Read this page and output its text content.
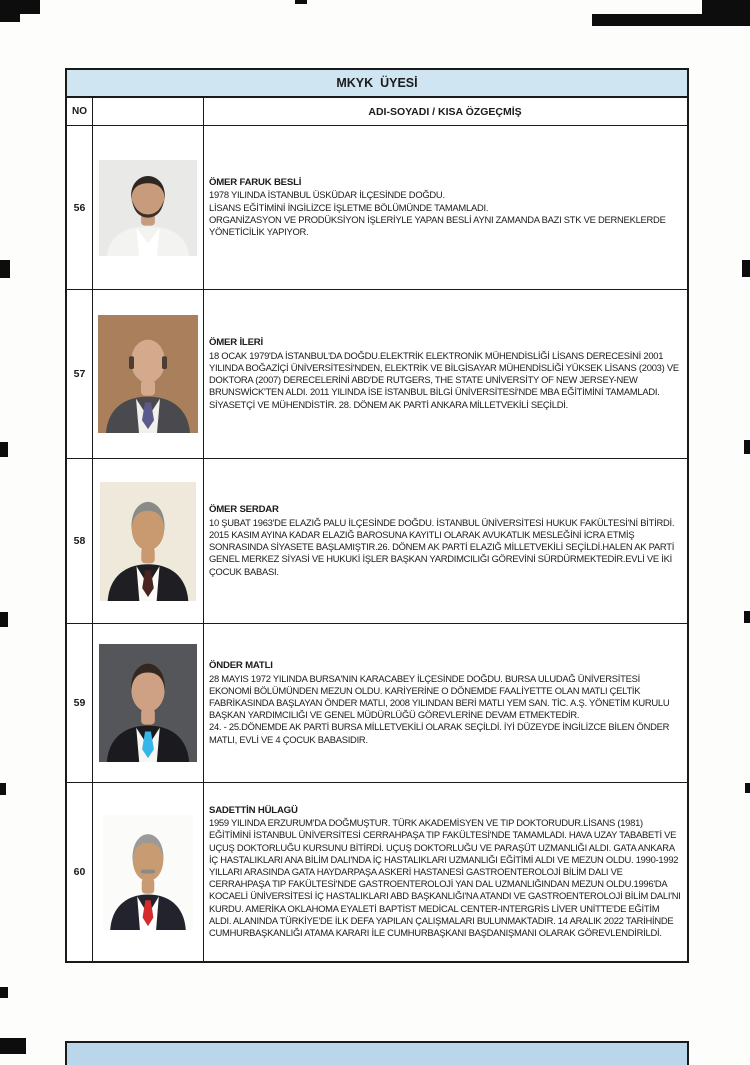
MKYK  ÜYESİ
NO	ADI-SOYADI / KISA ÖZGEÇMİŞ
56
ÖMER FARUK BESLİ
1978 YILINDA İSTANBUL ÜSKÜDAR İLÇESİNDE DOĞDU.
LİSANS EĞİTİMİNİ İNGİLİZCE İŞLETME BÖLÜMÜNDE TAMAMLADI.
ORGANİZASYON VE PRODÜKSİYON İŞLERİYLE YAPAN BESLİ AYNI ZAMANDA BAZI STK VE DERNEKLERDE YÖNETİCİLİK YAPIYOR.
57
ÖMER İLERİ
18 OCAK 1979'DA İSTANBUL'DA DOĞDU.ELEKTRİK ELEKTRONİK MÜHENDİSLİĞİ LİSANS DERECESİNİ 2001 YILINDA BOĞAZİÇİ ÜNİVERSİTESİ'NDEN, ELEKTRİK VE BİLGİSAYAR MÜHENDİSLİĞİ YÜKSEK LİSANS (2003) VE DOKTORA (2007) DERECELERİNİ ABD'DE RUTGERS, THE STATE UNİVERSİTY OF NEW JERSEY-NEW BRUNSWİCK'TEN ALDI. 2011 YILINDA İSE İSTANBUL BİLGİ ÜNİVERSİTESİ'NDE MBA EĞİTİMİNİ TAMAMLADI. SİYASETÇİ VE MÜHENDİSTİR. 28. DÖNEM AK PARTİ ANKARA MİLLETVEKİLİ SEÇİLDİ.
58
ÖMER SERDAR
10 ŞUBAT 1963'DE ELAZIĞ PALU İLÇESİNDE DOĞDU. İSTANBUL ÜNİVERSİTESİ HUKUK FAKÜLTESİ'Nİ BİTİRDİ. 2015 KASIM AYINA KADAR ELAZIĞ BAROSUNA KAYITLI OLARAK AVUKATLIK MESLEĞİNİ İCRA ETMİŞ SONRASINDA SİYASETE BAŞLAMIŞTIR.26. DÖNEM AK PARTİ ELAZIĞ MİLLETVEKİLİ SEÇİLDİ.HALEN AK PARTİ GENEL MERKEZ SİYASİ VE HUKUKİ İŞLER BAŞKAN YARDIMCILIĞI GÖREVİNİ SÜRDÜRMEKTEDİR.EVLİ VE İKİ ÇOCUK BABASI.
59
ÖNDER MATLI
28 MAYIS 1972 YILINDA BURSA'NIN KARACABEY İLÇESİNDE DOĞDU. BURSA ULUDAĞ ÜNİVERSİTESİ EKONOMİ BÖLÜMÜNDEN MEZUN OLDU. KARİYERİNE O DÖNEMDE FAALİYETTE OLAN MATLI ÇELTİK FABRİKASINDA BAŞLAYAN ÖNDER MATLI, 2008 YILINDAN BERİ MATLI YEM SAN. TİC. A.Ş. YÖNETİM KURULU BAŞKAN YARDIMCILIĞI VE GENEL MÜDÜRLÜĞÜ GÖREVLERİNE DEVAM ETMEKTEDİR.
24. - 25.DÖNEMDE AK PARTİ BURSA MİLLETVEKİLİ OLARAK SEÇİLDİ. İYİ DÜZEYDE İNGİLİZCE BİLEN ÖNDER MATLI, EVLİ VE 4 ÇOCUK BABASIDIR.
60
SADETTİN HÜLAGÜ
1959 YILINDA ERZURUM'DA DOĞMUŞTUR. TÜRK AKADEMİSYEN VE TIP DOKTORUDUR.LİSANS (1981) EĞİTİMİNİ İSTANBUL ÜNİVERSİTESİ CERRAHPAŞA TIP FAKÜLTESİ'NDE TAMAMLADI. HAVA UZAY TABABETİ VE UÇUŞ DOKTORLUĞU KURSUNU BİTİRDİ. UÇUŞ DOKTORLUĞU VE PARAŞÜT UZMANLIĞI ALDI. GATA ANKARA İÇ HASTALIKLARI ANA BİLİM DALI'NDA İÇ HASTALIKLARI UZMANLIĞI EĞİTİMİ ALDI VE MEZUN OLDU. 1990-1992 YILLARI ARASINDA GATA HAYDARPAŞA ASKERİ HASTANESİ GASTROENTEROLOJİ BİLİM DALI VE CERRAHPAŞA TIP FAKÜLTESİ'NDE GASTROENTEROLOJİ YAN DAL UZMANLIĞINDAN MEZUN OLDU.1996'DA KOCAELİ ÜNİVERSİTESİ İÇ HASTALIKLARI ABD BAŞKANLIĞI'NA ATANDI VE GASTROENTEROLOJİ BİLİM DALI'NI KURDU. AMERİKA OKLAHOMA EYALETİ BAPTİST MEDİCAL CENTER-INTERGRİS LİVER UNİTTE'DE EĞİTİM ALDI. ALANINDA TÜRKİYE'DE İLK DEFA YAPILAN ÇALIŞMALARI BULUNMAKTADIR. 14 ARALIK 2022 TARİHİNDE CUMHURBAŞKANLIĞI ATAMA KARARI İLE CUMHURBAŞKANI BAŞDANIŞMANI OLARAK GÖREVLENDİRİLDİ.
